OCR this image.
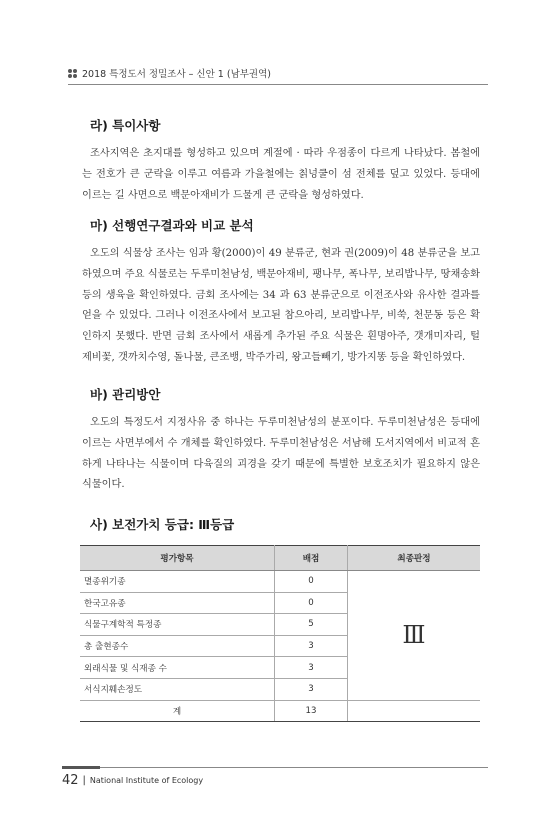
2018 특정도서 정밀조사 – 신안 1 (남부권역)
라) 특이사항

조사지역은 초지대를 형성하고 있으며 계절에 · 따라 우점종이 다르게 나타났다. 봄철에는 전호가 큰 군락을 이루고 여름과 가을철에는 칡넝쿨이 섬 전체를 덮고 있었다. 등대에 이르는 길 사면으로 백문아재비가 드물게 큰 군락을 형성하였다.

마) 선행연구결과와 비교 분석

오도의 식물상 조사는 임과 황(2000)이 49 분류군, 현과 권(2009)이 48 분류군을 보고하였으며 주요 식물로는 두루미천남성, 백문아재비, 팽나무, 폭나무, 보리밥나무, 땅채송화 등의 생육을 확인하였다. 금회 조사에는 34 과 63 분류군으로 이전조사와 유사한 결과를 얻을 수 있었다. 그러나 이전조사에서 보고된 참으아리, 보리밥나무, 비쑥, 천문동 등은 확인하지 못했다. 반면 금회 조사에서 새롭게 추가된 주요 식물은 흰명아주, 갯개미자리, 털제비꽃, 갯까치수영, 돌나물, 큰조뱅, 박주가리, 왕고들빼기, 방가지똥 등을 확인하였다.

바) 관리방안

오도의 특정도서 지정사유 중 하나는 두루미천남성의 분포이다. 두루미천남성은 등대에 이르는 사면부에서 수 개체를 확인하였다. 두루미천남성은 서남해 도서지역에서 비교적 흔하게 나타나는 식물이며 다육질의 괴경을 갖기 때문에 특별한 보호조치가 필요하지 않은 식물이다.

사) 보전가치 등급: Ⅲ등급
평가항목	배점	최종판정
멸종위기종	0	Ⅲ
한국고유종	0	
식물구계학적 특정종	5	
총 출현종수	3	
외래식물 및 식재종 수	3	
서식지훼손정도	3	
계	13	
42 | National Institute of Ecology
